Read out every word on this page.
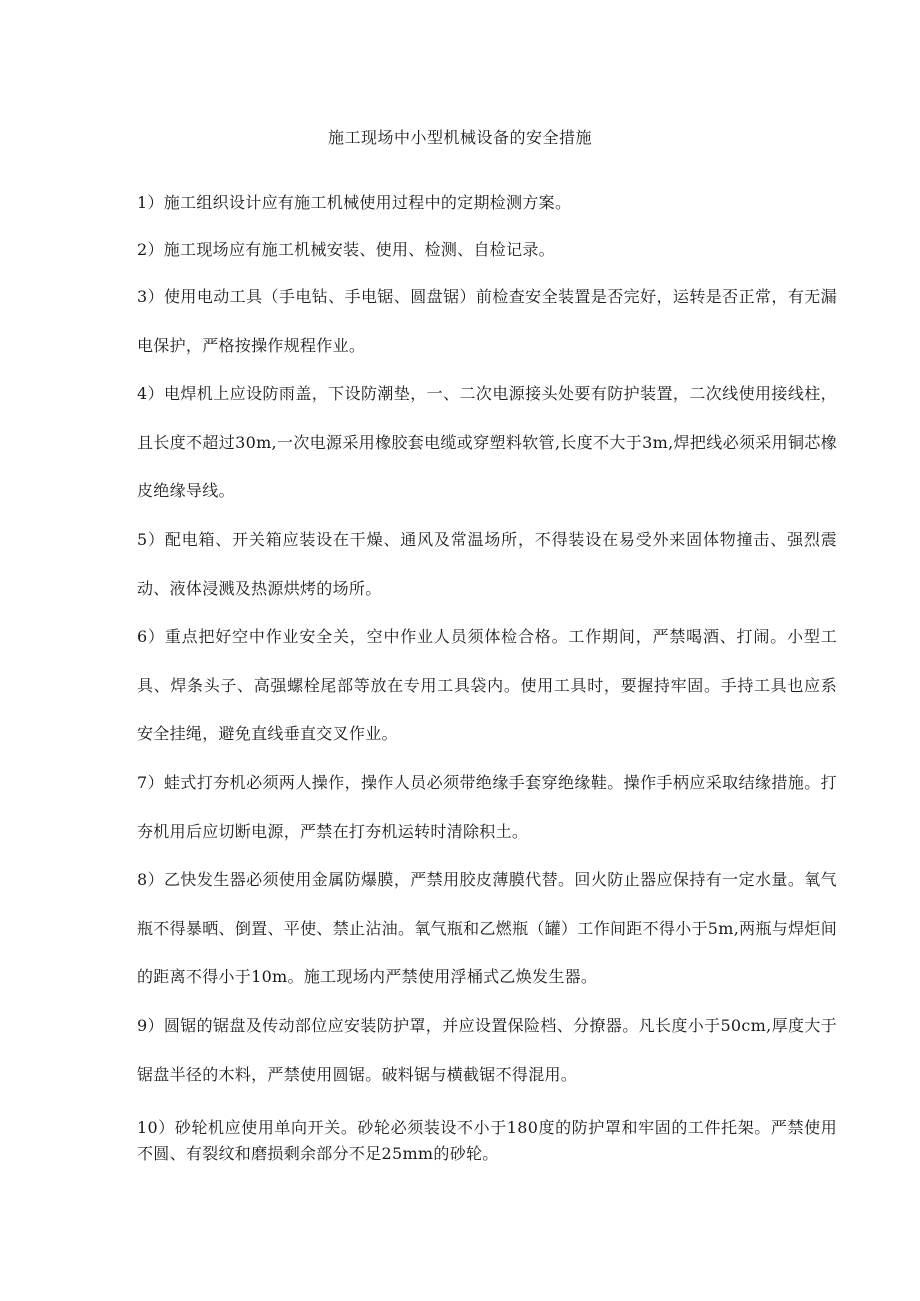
施工现场中小型机械设备的安全措施

1）施工组织设计应有施工机械使用过程中的定期检测方案。

2）施工现场应有施工机械安装、使用、检测、自检记录。

3）使用电动工具（手电钻、手电锯、圆盘锯）前检查安全装置是否完好，运转是否正常，有无漏电保护，严格按操作规程作业。

4）电焊机上应设防雨盖，下设防潮垫，一、二次电源接头处要有防护装置，二次线使用接线柱，且长度不超过30m,一次电源采用橡胶套电缆或穿塑料软管,长度不大于3m,焊把线必须采用铜芯橡皮绝缘导线。

5）配电箱、开关箱应装设在干燥、通风及常温场所，不得装设在易受外来固体物撞击、强烈震动、液体浸溅及热源烘烤的场所。

6）重点把好空中作业安全关，空中作业人员须体检合格。工作期间，严禁喝酒、打闹。小型工具、焊条头子、高强螺栓尾部等放在专用工具袋内。使用工具时，要握持牢固。手持工具也应系安全挂绳，避免直线垂直交叉作业。

7）蛙式打夯机必须两人操作，操作人员必须带绝缘手套穿绝缘鞋。操作手柄应采取结缘措施。打夯机用后应切断电源，严禁在打夯机运转时清除积土。

8）乙快发生器必须使用金属防爆膜，严禁用胶皮薄膜代替。回火防止器应保持有一定水量。氧气瓶不得暴晒、倒置、平使、禁止沾油。氧气瓶和乙燃瓶（罐）工作间距不得小于5m,两瓶与焊炬间的距离不得小于10m。施工现场内严禁使用浮桶式乙焕发生器。

9）圆锯的锯盘及传动部位应安装防护罩，并应设置保险档、分撩器。凡长度小于50cm,厚度大于锯盘半径的木料，严禁使用圆锯。破料锯与横截锯不得混用。

10）砂轮机应使用单向开关。砂轮必须装设不小于180度的防护罩和牢固的工件托架。严禁使用不圆、有裂纹和磨损剩余部分不足25mm的砂轮。
